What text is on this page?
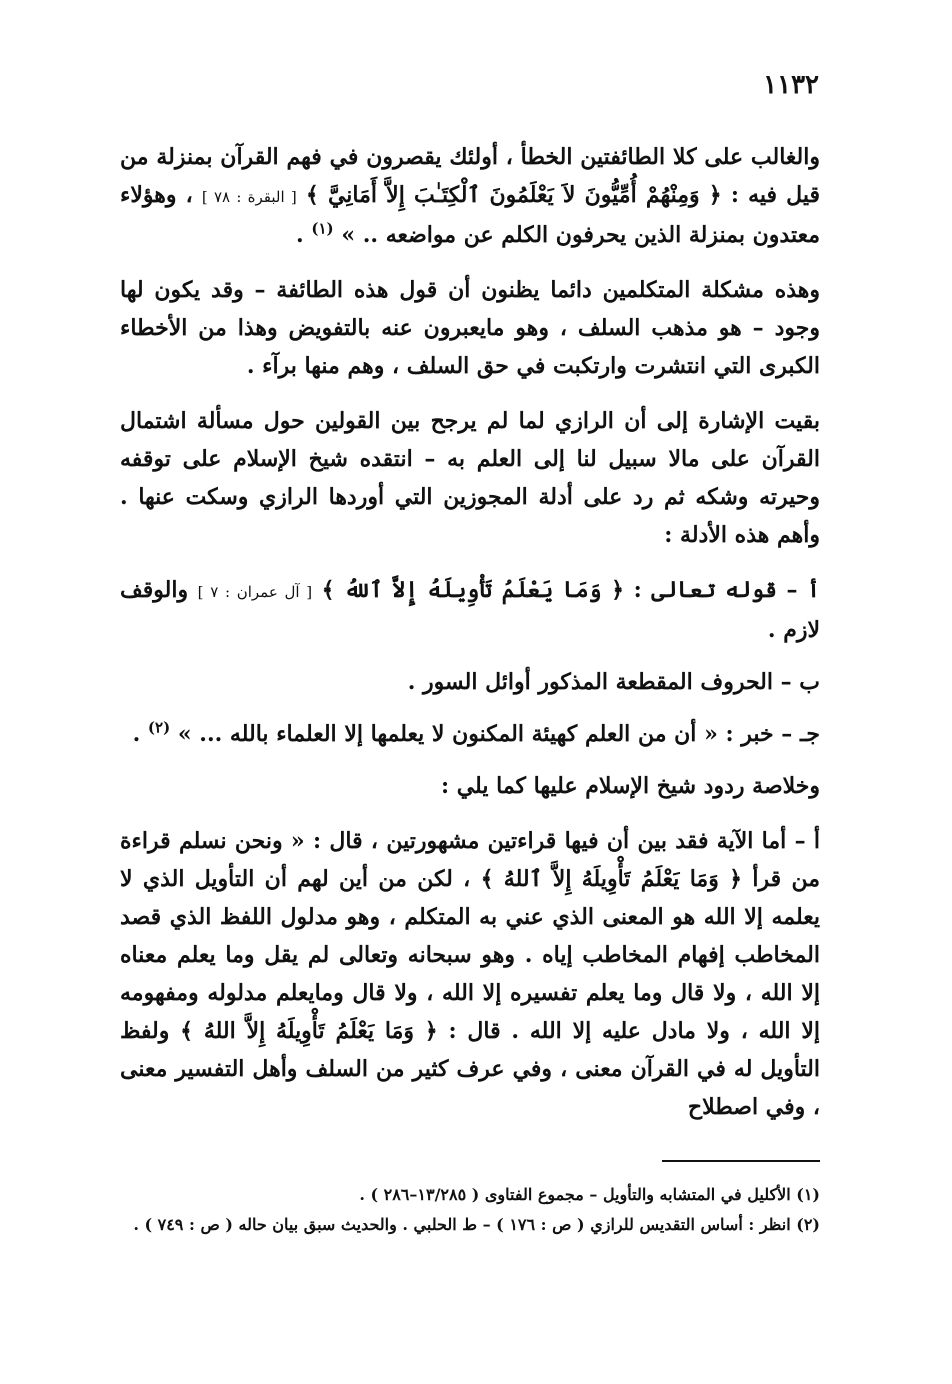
١١٣٢

والغالب على كلا الطائفتين الخطأ ، أولئك يقصرون في فهم القرآن بمنزلة من قيل فيه : ﴿ وَمِنْهُمْ أُمِّيُّونَ لاَ يَعْلَمُونَ ٱلْكِتَـٰبَ إِلاَّ أَمَانِيَّ ﴾ [ البقرة : ٧٨ ] ، وهؤلاء معتدون بمنزلة الذين يحرفون الكلم عن مواضعه .. » $^{(١)}$ .

وهذه مشكلة المتكلمين دائما يظنون أن قول هذه الطائفة – وقد يكون لها وجود – هو مذهب السلف ، وهو مايعبرون عنه بالتفويض وهذا من الأخطاء الكبرى التي انتشرت وارتكبت في حق السلف ، وهم منها برآء .

بقيت الإشارة إلى أن الرازي لما لم يرجح بين القولين حول مسألة اشتمال القرآن على مالا سبيل لنا إلى العلم به – انتقده شيخ الإسلام على توقفه وحيرته وشكه ثم رد على أدلة المجوزين التي أوردها الرازي وسكت عنها . وأهم هذه الأدلة :

أ – قوله تعالى : ﴿ وَمَا يَعْلَمُ تَأْوِيلَهُ إِلاَّ ٱللهُ ﴾ [ آل عمران : ٧ ] والوقف لازم .

ب – الحروف المقطعة المذكور أوائل السور .

جـ – خبر : « أن من العلم كهيئة المكنون لا يعلمها إلا العلماء بالله ... » $^{(٢)}$ .

وخلاصة ردود شيخ الإسلام عليها كما يلي :

أ – أما الآية فقد بين أن فيها قراءتين مشهورتين ، قال : « ونحن نسلم قراءة من قرأ ﴿ وَمَا يَعْلَمُ تَأْوِيلَهُ إِلاَّ ٱللهُ ﴾ ، لكن من أين لهم أن التأويل الذي لا يعلمه إلا الله هو المعنى الذي عني به المتكلم ، وهو مدلول اللفظ الذي قصد المخاطب إفهام المخاطب إياه . وهو سبحانه وتعالى لم يقل وما يعلم معناه إلا الله ، ولا قال وما يعلم تفسيره إلا الله ، ولا قال ومايعلم مدلوله ومفهومه إلا الله ، ولا مادل عليه إلا الله . قال : ﴿ وَمَا يَعْلَمُ تَأْوِيلَهُ إِلاَّ اللهُ ﴾ ولفظ التأويل له في القرآن معنى ، وفي عرف كثير من السلف وأهل التفسير معنى ، وفي اصطلاح

(١) الأكليل في المتشابه والتأويل – مجموع الفتاوى ( ١٣/٢٨٥–٢٨٦ ) .

(٢) انظر : أساس التقديس للرازي ( ص : ١٧٦ ) – ط الحلبي . والحديث سبق بيان حاله ( ص : ٧٤٩ ) .
